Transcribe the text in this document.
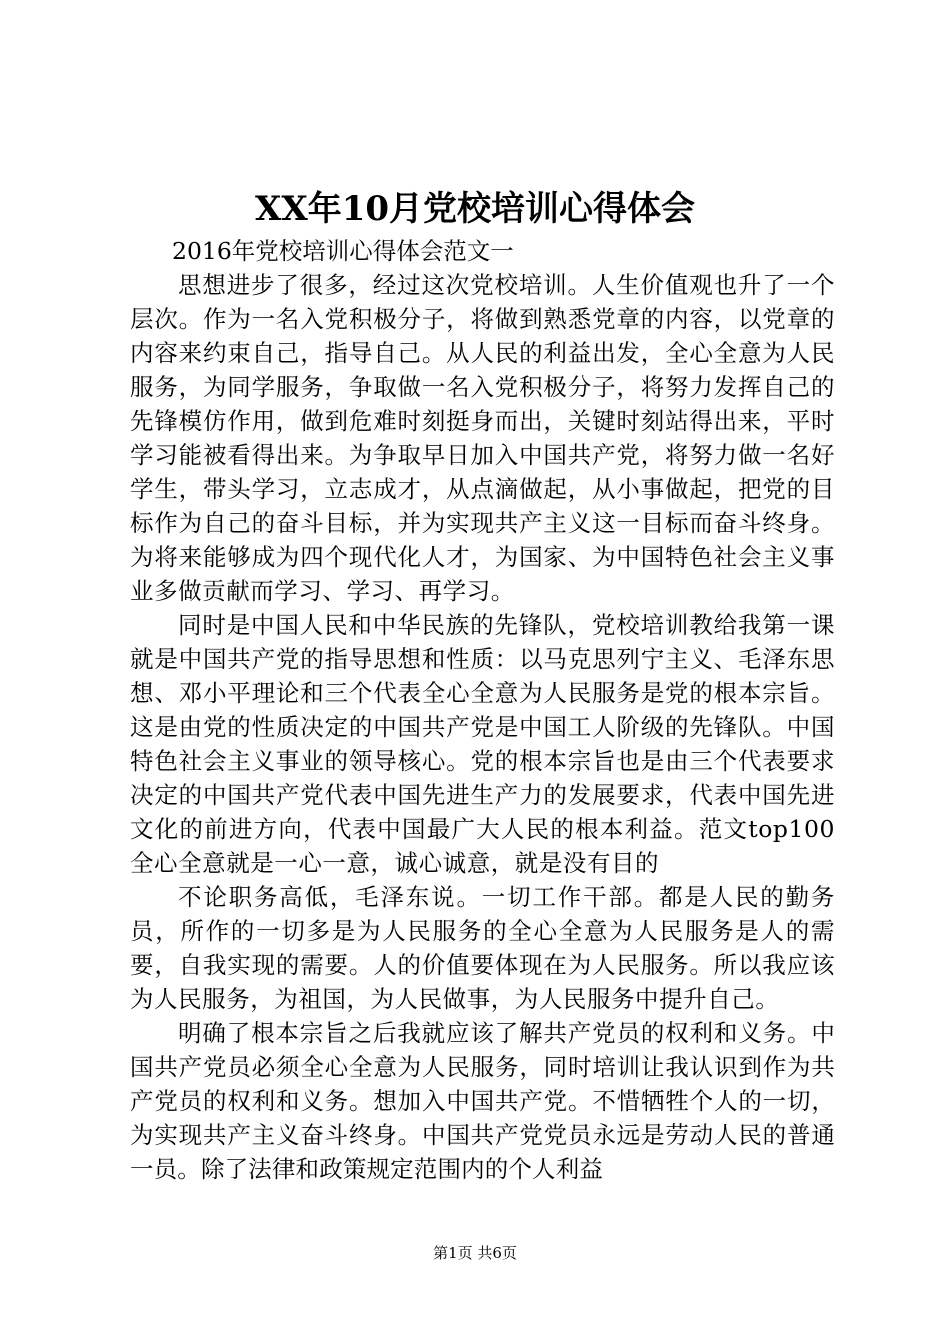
XX年10月党校培训心得体会
2016年党校培训心得体会范文一

思想进步了很多，经过这次党校培训。人生价值观也升了一个层次。作为一名入党积极分子，将做到熟悉党章的内容，以党章的内容来约束自己，指导自己。从人民的利益出发，全心全意为人民服务，为同学服务，争取做一名入党积极分子，将努力发挥自己的先锋模仿作用，做到危难时刻挺身而出，关键时刻站得出来，平时学习能被看得出来。为争取早日加入中国共产党，将努力做一名好学生，带头学习，立志成才，从点滴做起，从小事做起，把党的目标作为自己的奋斗目标，并为实现共产主义这一目标而奋斗终身。为将来能够成为四个现代化人才，为国家、为中国特色社会主义事业多做贡献而学习、学习、再学习。

同时是中国人民和中华民族的先锋队，党校培训教给我第一课就是中国共产党的指导思想和性质：以马克思列宁主义、毛泽东思想、邓小平理论和三个代表全心全意为人民服务是党的根本宗旨。这是由党的性质决定的中国共产党是中国工人阶级的先锋队。中国特色社会主义事业的领导核心。党的根本宗旨也是由三个代表要求决定的中国共产党代表中国先进生产力的发展要求，代表中国先进文化的前进方向，代表中国最广大人民的根本利益。范文top100全心全意就是一心一意，诚心诚意，就是没有目的

不论职务高低，毛泽东说。一切工作干部。都是人民的勤务员，所作的一切多是为人民服务的全心全意为人民服务是人的需要，自我实现的需要。人的价值要体现在为人民服务。所以我应该为人民服务，为祖国，为人民做事，为人民服务中提升自己。

明确了根本宗旨之后我就应该了解共产党员的权利和义务。中国共产党员必须全心全意为人民服务，同时培训让我认识到作为共产党员的权利和义务。想加入中国共产党。不惜牺牲个人的一切，为实现共产主义奋斗终身。中国共产党党员永远是劳动人民的普通一员。除了法律和政策规定范围内的个人利益

第1页 共6页
